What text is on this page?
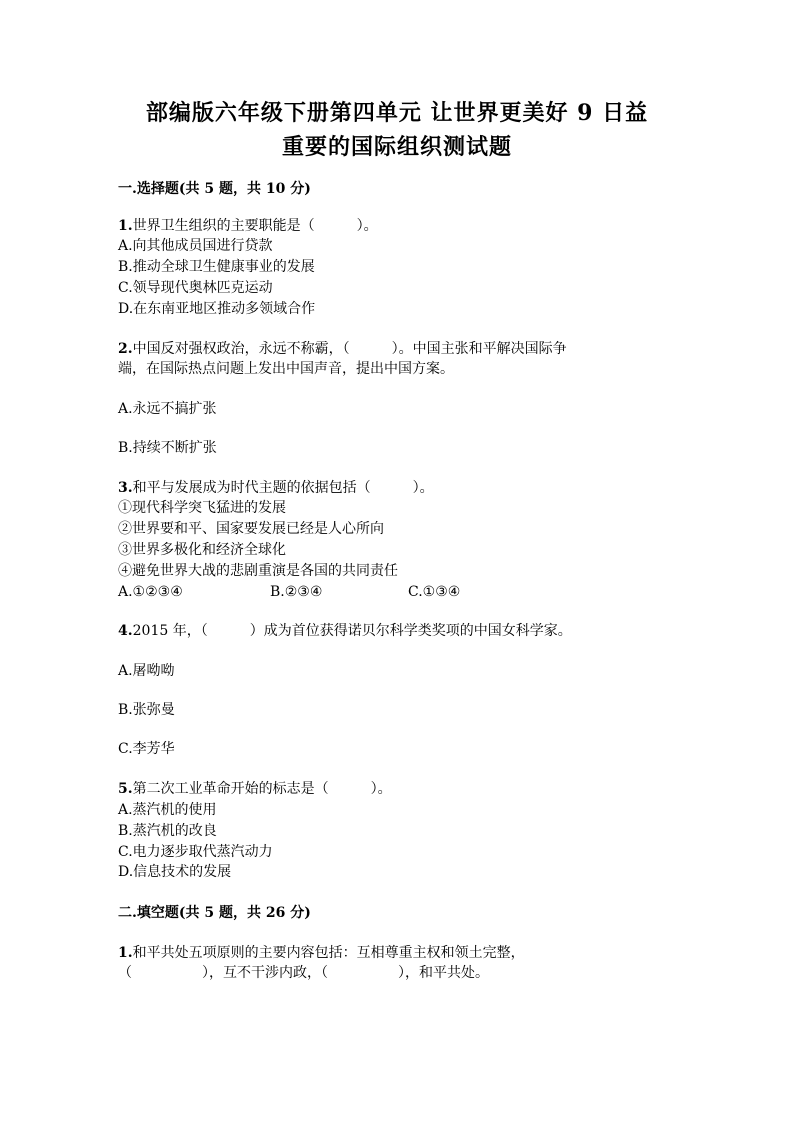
部编版六年级下册第四单元 让世界更美好 9 日益
重要的国际组织测试题
一.选择题(共 5 题，共 10 分)
1.世界卫生组织的主要职能是（　　　）。
A.向其他成员国进行贷款
B.推动全球卫生健康事业的发展
C.领导现代奥林匹克运动
D.在东南亚地区推动多领域合作
2.中国反对强权政治，永远不称霸，（　　　）。中国主张和平解决国际争
端，在国际热点问题上发出中国声音，提出中国方案。
A.永远不搞扩张
B.持续不断扩张
3.和平与发展成为时代主题的依据包括（　　　）。
①现代科学突飞猛进的发展
②世界要和平、国家要发展已经是人心所向
③世界多极化和经济全球化
④避免世界大战的悲剧重演是各国的共同责任

A.①②③④

	B.②③④

	C.①③④

4.2015 年，（　　　）成为首位获得诺贝尔科学类奖项的中国女科学家。
A.屠呦呦
B.张弥曼
C.李芳华
5.第二次工业革命开始的标志是（　　　）。
A.蒸汽机的使用
B.蒸汽机的改良
C.电力逐步取代蒸汽动力
D.信息技术的发展
二.填空题(共 5 题，共 26 分)
1.和平共处五项原则的主要内容包括：互相尊重主权和领土完整，
（　　　　　），互不干涉内政，（　　　　　），和平共处。
